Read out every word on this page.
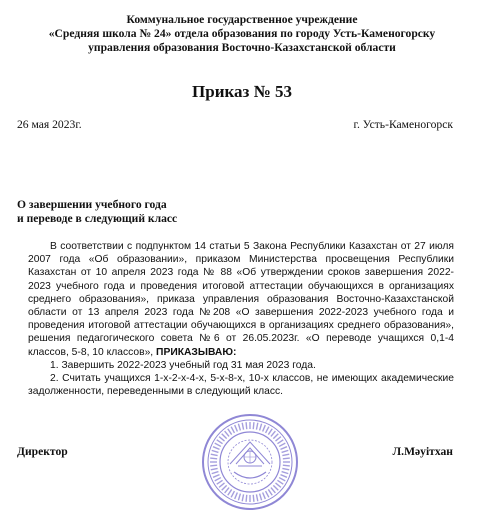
Коммунальное государственное учреждение
«Средняя школа № 24» отдела образования по городу Усть-Каменогорску
управления образования Восточно-Казахстанской области
Приказ № 53
26 мая 2023г.	г. Усть-Каменогорск
О завершении учебного года
и переводе в следующий класс

В соответствии с подпунктом 14 статьи 5 Закона Республики Казахстан от 27 июля 2007 года «Об образовании», приказом Министерства просвещения Республики Казахстан от 10 апреля 2023 года № 88 «Об утверждении сроков завершения 2022-2023 учебного года и проведения итоговой аттестации обучающихся в организациях среднего образования», приказа управления образования Восточно-Казахстанской области от 13 апреля 2023 года №208 «О завершения 2022-2023 учебного года и проведения итоговой аттестации обучающихся в организациях среднего образования», решения педагогического совета №6 от 26.05.2023г. «О переводе учащихся 0,1-4 классов, 5-8, 10 классов», ПРИКАЗЫВАЮ:

1. Завершить 2022-2023 учебный год 31 мая 2023 года.

2. Считать учащихся 1-х-2-х-4-х, 5-х-8-х, 10-х классов, не имеющих академические задолженности, переведенными в следующий класс.

Директор	Л.Мәуітхан
